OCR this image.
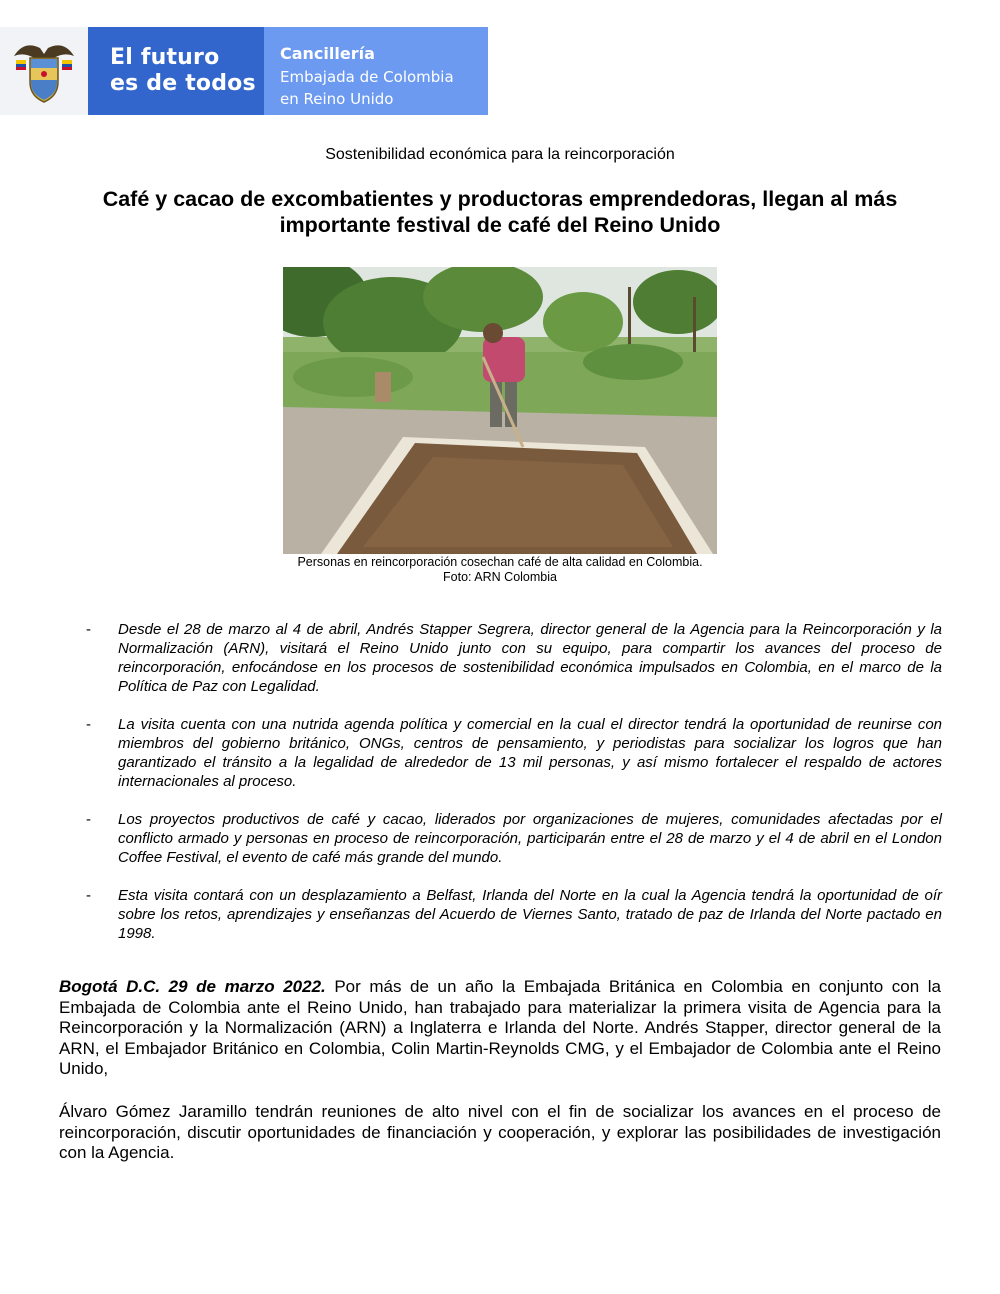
El futuro
es de todos
Cancillería
Embajada de Colombia
en Reino Unido
Sostenibilidad económica para la reincorporación
Café y cacao de excombatientes y productoras emprendedoras, llegan al más importante festival de café del Reino Unido
Personas en reincorporación cosechan café de alta calidad en Colombia.
Foto: ARN Colombia
- Desde el 28 de marzo al 4 de abril, Andrés Stapper Segrera, director general de la Agencia para la Reincorporación y la Normalización (ARN), visitará el Reino Unido junto con su equipo, para compartir los avances del proceso de reincorporación, enfocándose en los procesos de sostenibilidad económica impulsados en Colombia, en el marco de la Política de Paz con Legalidad.
- La visita cuenta con una nutrida agenda política y comercial en la cual el director tendrá la oportunidad de reunirse con miembros del gobierno británico, ONGs, centros de pensamiento, y periodistas para socializar los logros que han garantizado el tránsito a la legalidad de alrededor de 13 mil personas, y así mismo fortalecer el respaldo de actores internacionales al proceso.
- Los proyectos productivos de café y cacao, liderados por organizaciones de mujeres, comunidades afectadas por el conflicto armado y personas en proceso de reincorporación, participarán entre el 28 de marzo y el 4 de abril en el London Coffee Festival, el evento de café más grande del mundo.
- Esta visita contará con un desplazamiento a Belfast, Irlanda del Norte en la cual la Agencia tendrá la oportunidad de oír sobre los retos, aprendizajes y enseñanzas del Acuerdo de Viernes Santo, tratado de paz de Irlanda del Norte pactado en 1998.

Bogotá D.C. 29 de marzo 2022. Por más de un año la Embajada Británica en Colombia en conjunto con la Embajada de Colombia ante el Reino Unido, han trabajado para materializar la primera visita de Agencia para la Reincorporación y la Normalización (ARN) a Inglaterra e Irlanda del Norte. Andrés Stapper, director general de la ARN, el Embajador Británico en Colombia, Colin Martin-Reynolds CMG, y el Embajador de Colombia ante el Reino Unido,

Álvaro Gómez Jaramillo tendrán reuniones de alto nivel con el fin de socializar los avances en el proceso de reincorporación, discutir oportunidades de financiación y cooperación, y explorar las posibilidades de investigación con la Agencia.
